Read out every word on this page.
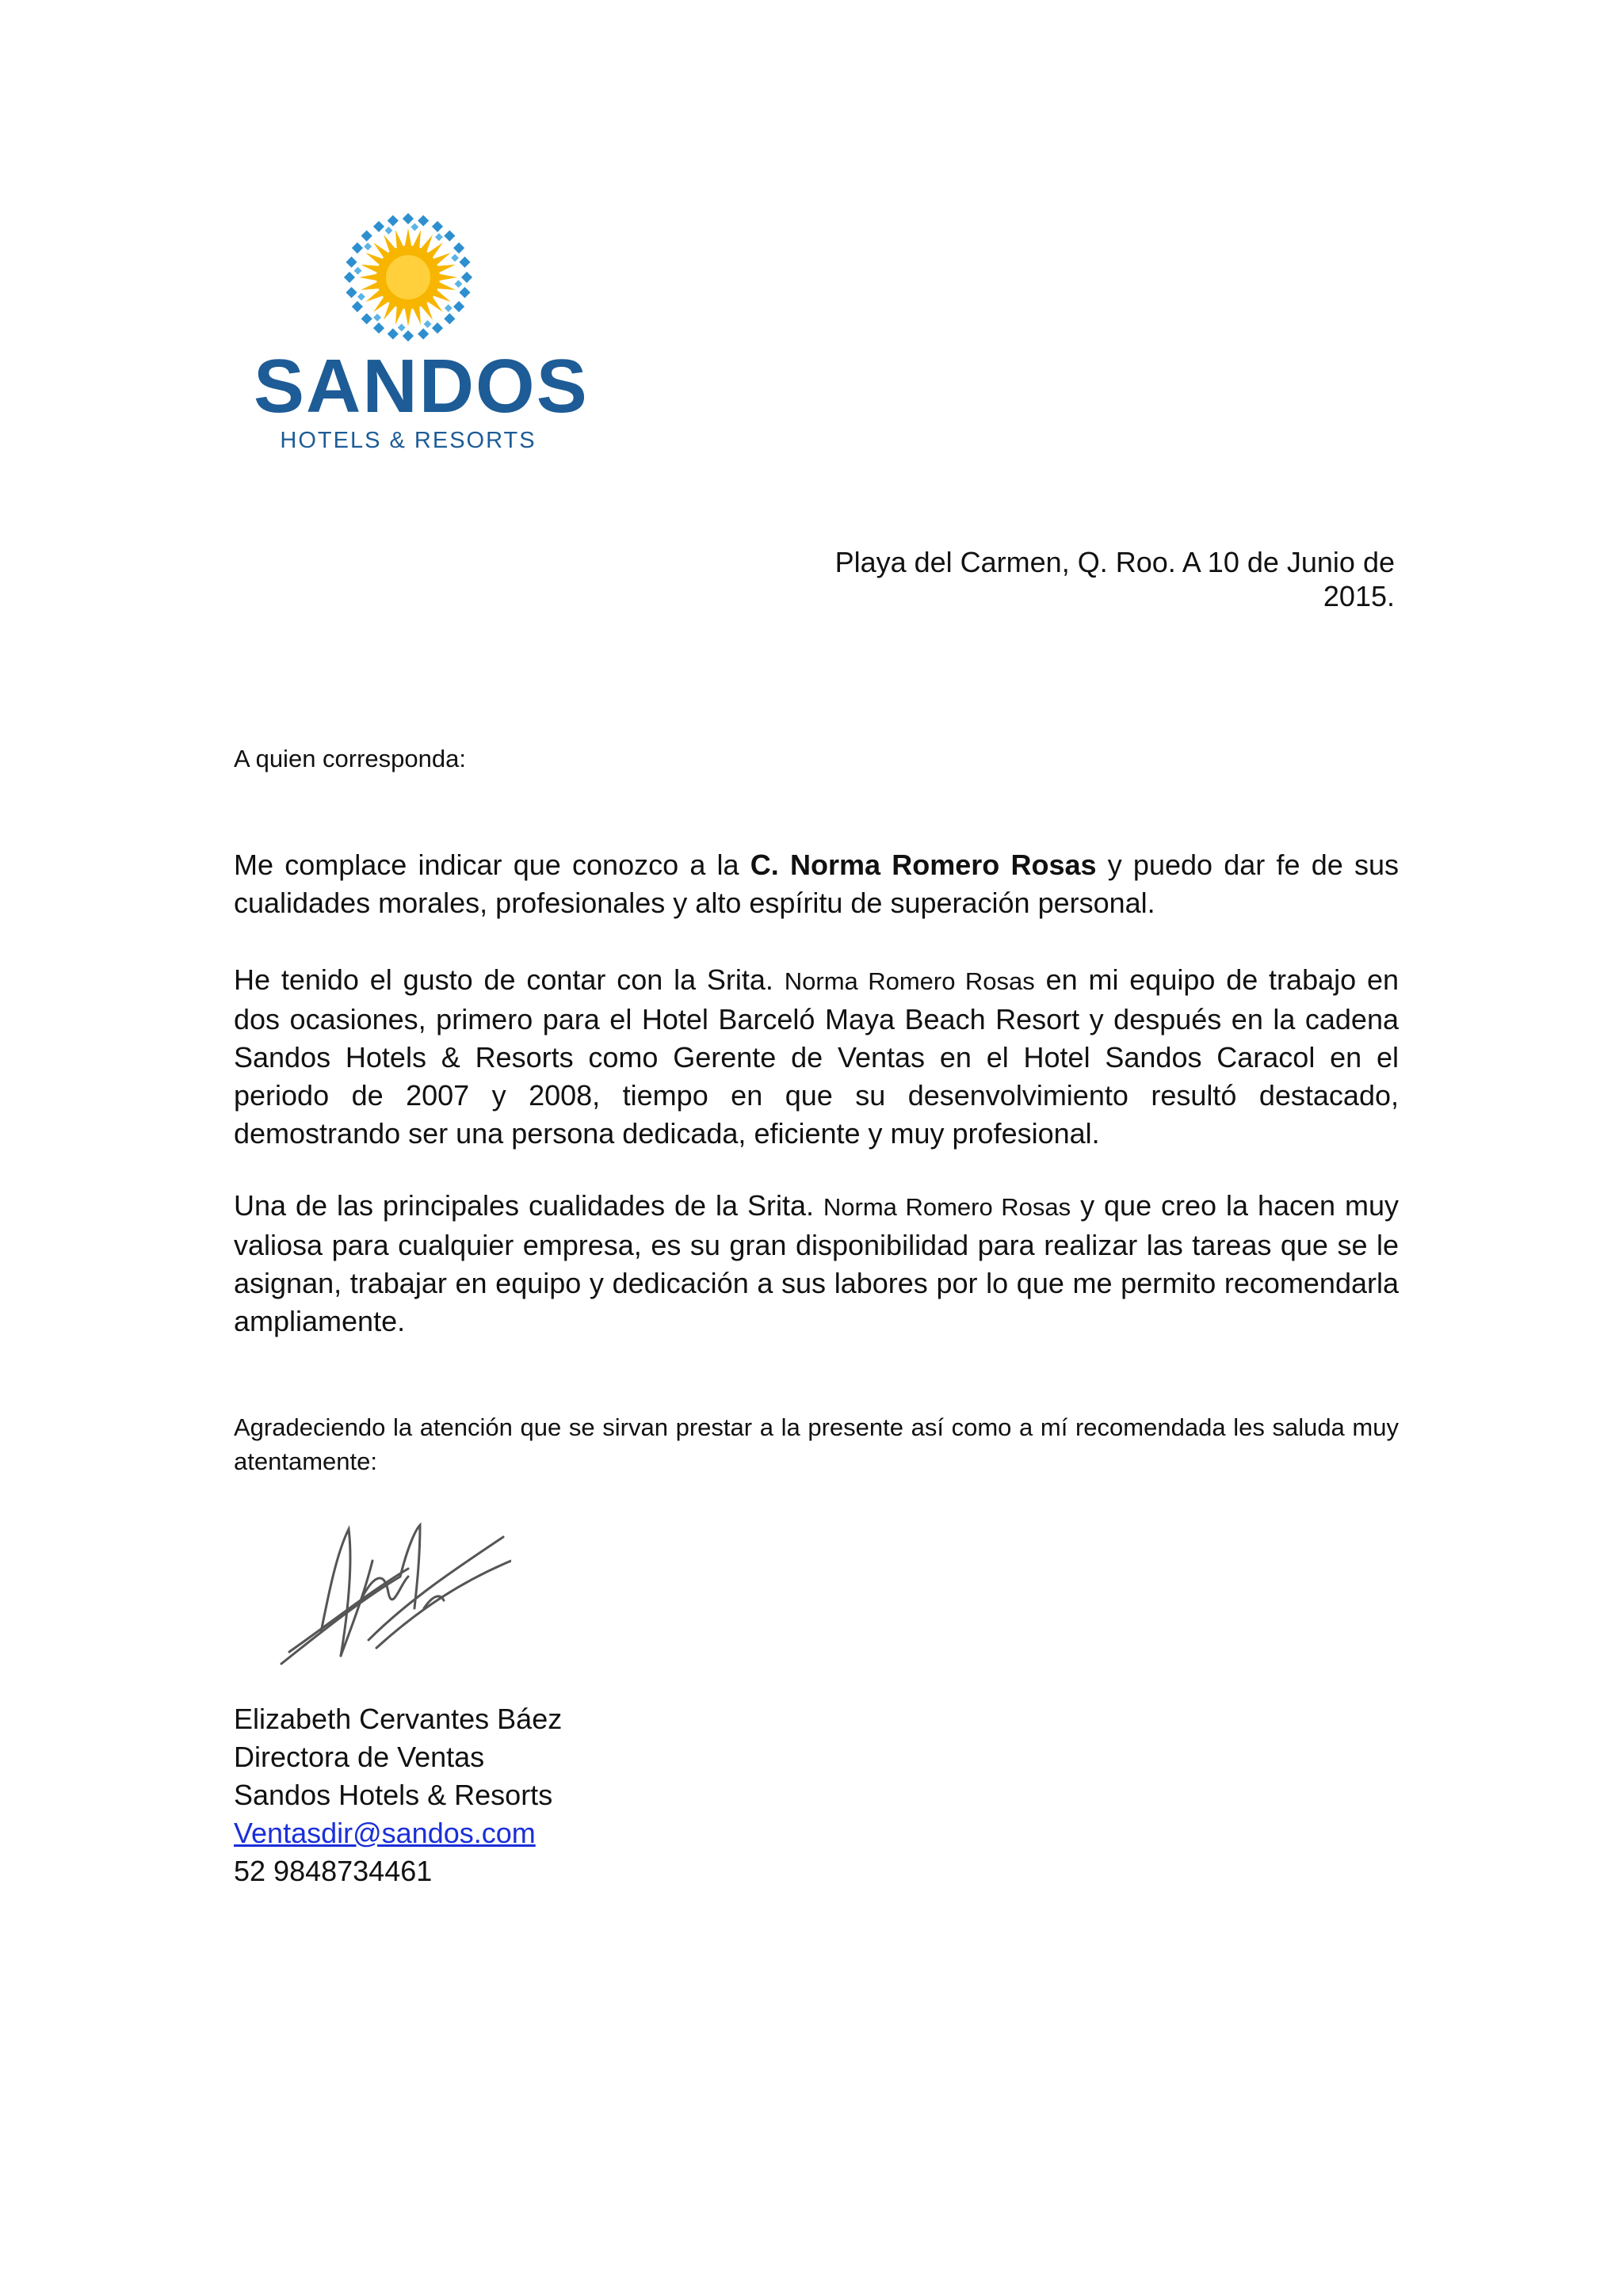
SANDOS
HOTELS & RESORTS
Playa del Carmen, Q. Roo. A 10 de Junio de 2015.
A quien corresponda:
Me complace indicar que conozco a la C. Norma Romero Rosas y puedo dar fe de sus cualidades morales, profesionales y alto espíritu de superación personal.
He tenido el gusto de contar con la Srita. Norma Romero Rosas en mi equipo de trabajo en dos ocasiones, primero para el Hotel Barceló Maya Beach Resort y después en la cadena Sandos Hotels & Resorts como Gerente de Ventas en el Hotel Sandos Caracol en el periodo de 2007 y 2008, tiempo en que su desenvolvimiento resultó destacado, demostrando ser una persona dedicada, eficiente y muy profesional.
Una de las principales cualidades de la Srita. Norma Romero Rosas y que creo la hacen muy valiosa para cualquier empresa, es su gran disponibilidad para realizar las tareas que se le asignan, trabajar en equipo y dedicación a sus labores por lo que me permito recomendarla ampliamente.
Agradeciendo la atención que se sirvan prestar a la presente así como a mí recomendada les saluda muy atentamente:
Elizabeth Cervantes Báez
Directora de Ventas
Sandos Hotels & Resorts
Ventasdir@sandos.com
52 9848734461
